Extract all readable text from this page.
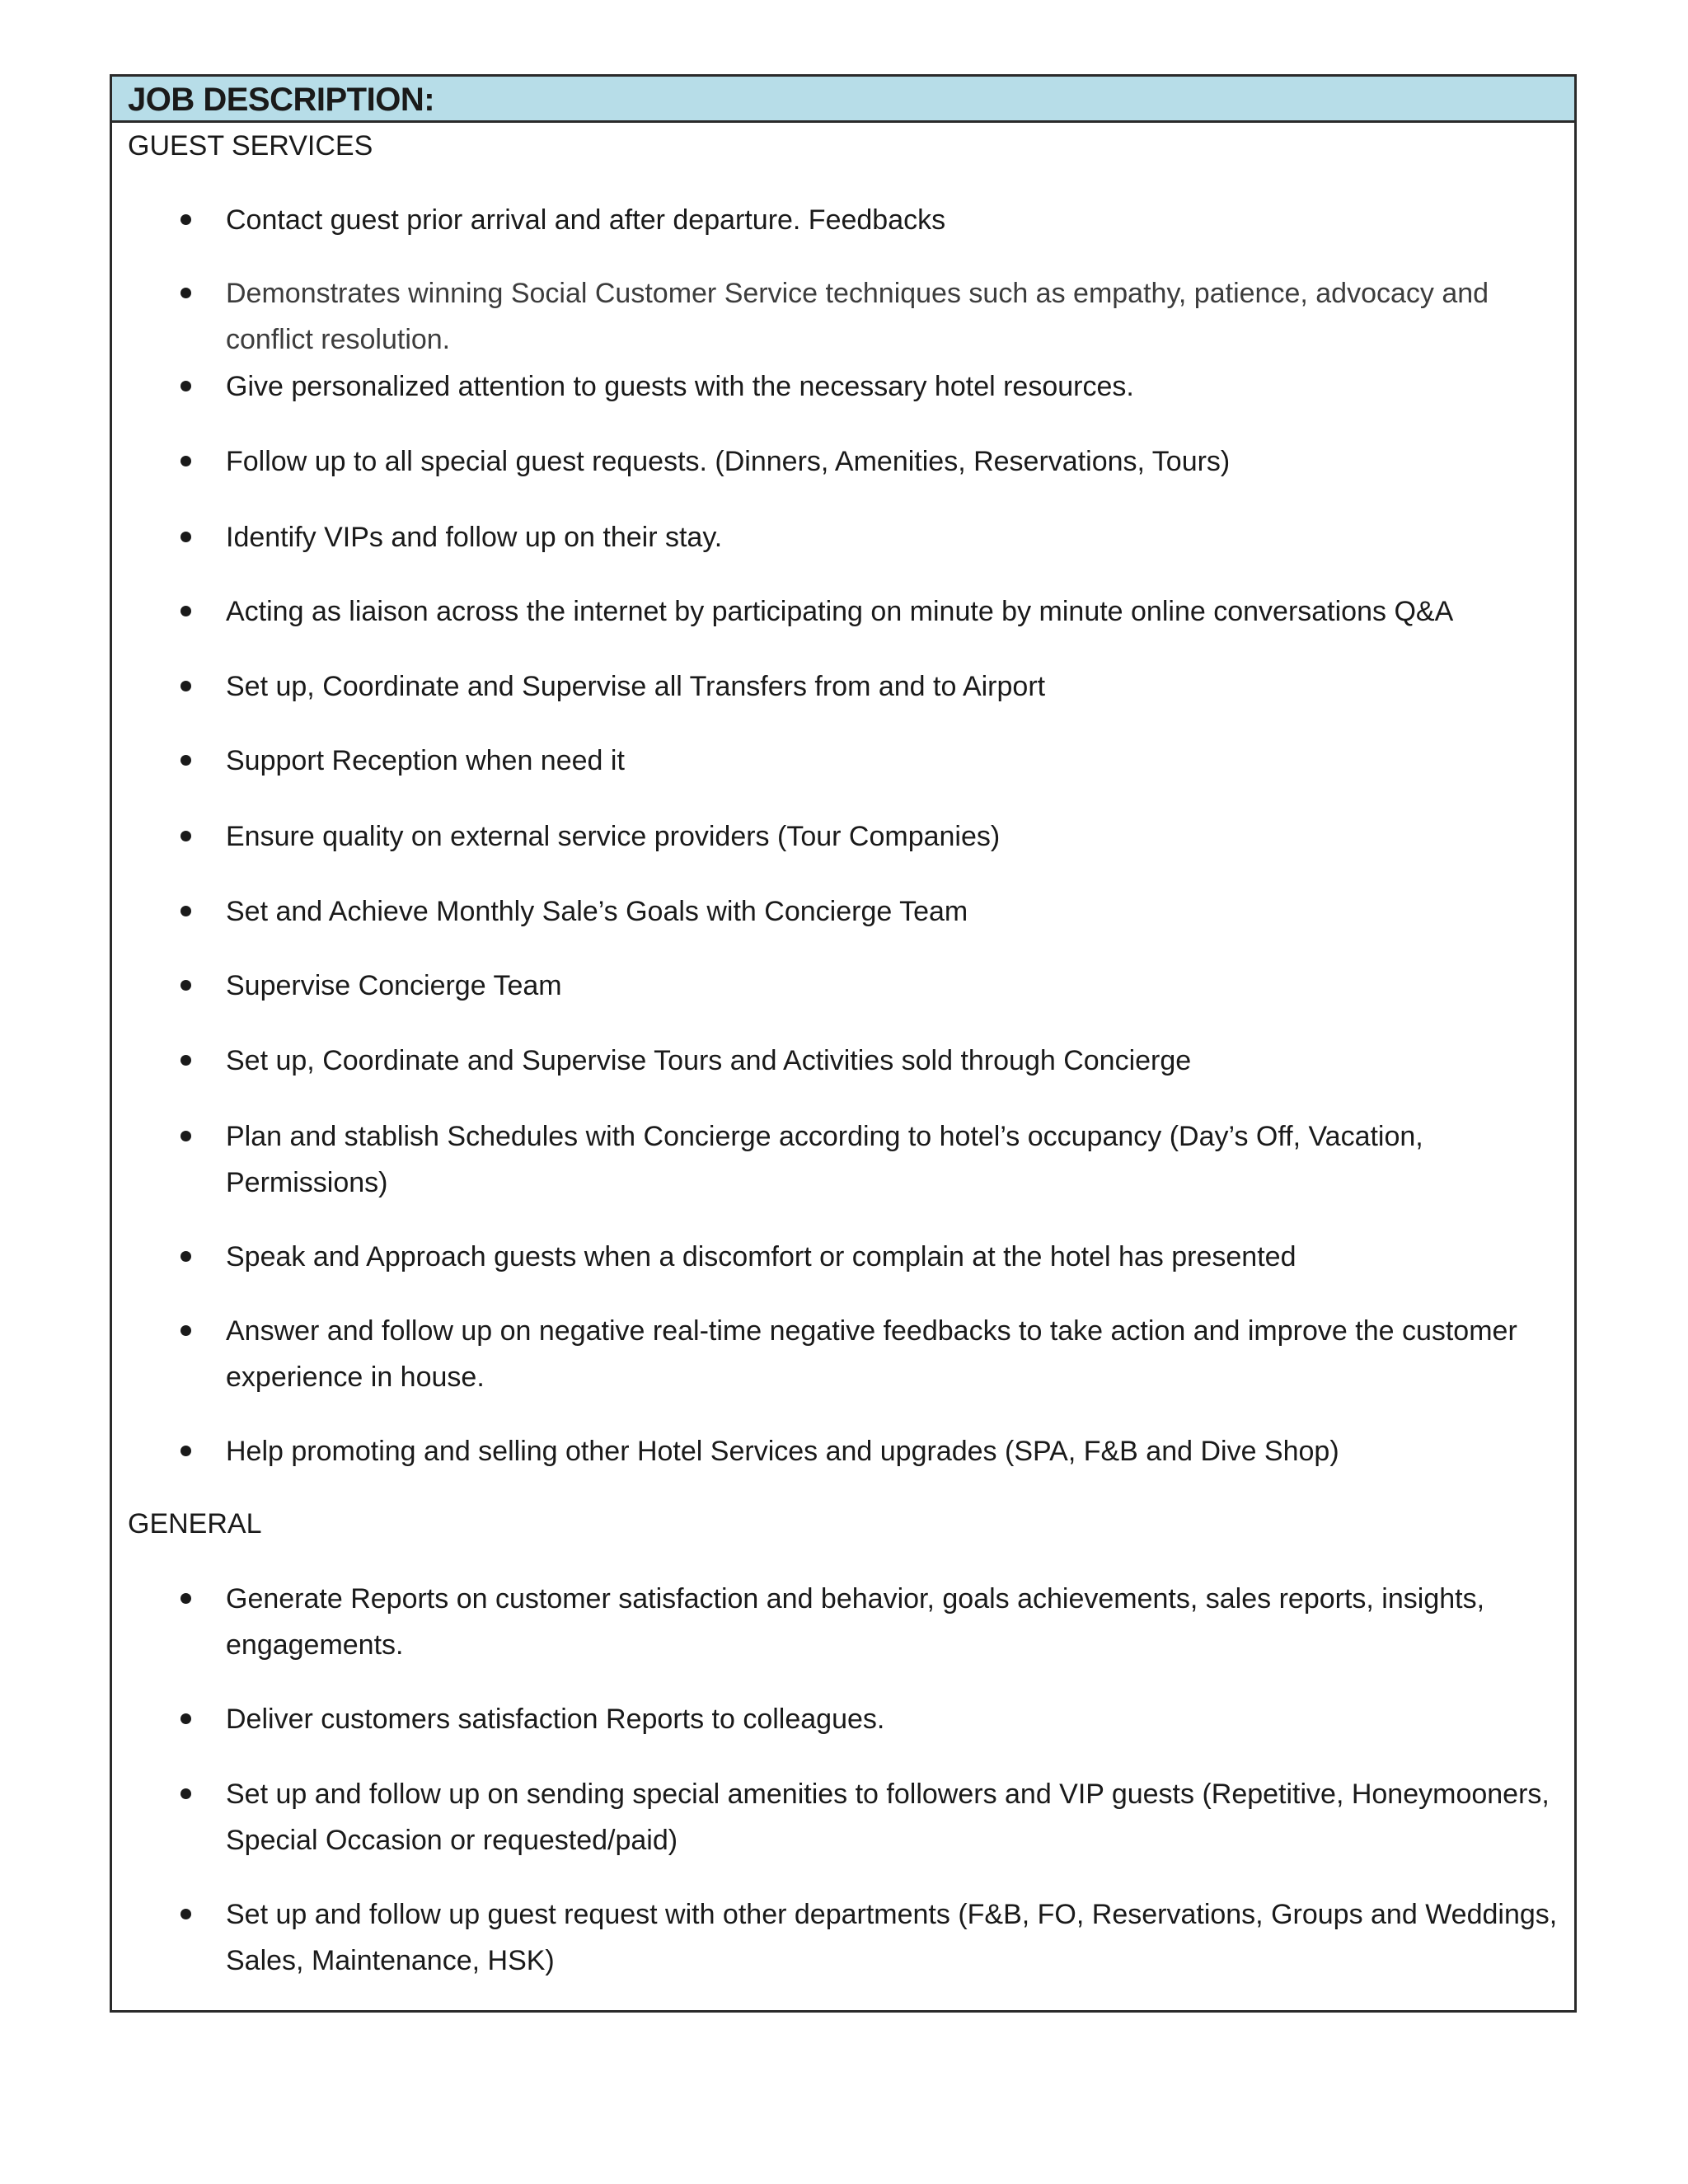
JOB DESCRIPTION:
GUEST SERVICES
Contact guest prior arrival and after departure. Feedbacks
Demonstrates winning Social Customer Service techniques such as empathy, patience, advocacy and conflict resolution.
Give personalized attention to guests with the necessary hotel resources.
Follow up to all special guest requests. (Dinners, Amenities, Reservations, Tours)
Identify VIPs and follow up on their stay.
Acting as liaison across the internet by participating on minute by minute online conversations Q&A
Set up, Coordinate and Supervise all Transfers from and to Airport
Support Reception when need it
Ensure quality on external service providers (Tour Companies)
Set and Achieve Monthly Sale’s Goals with Concierge Team
Supervise Concierge Team
Set up, Coordinate and Supervise Tours and Activities sold through Concierge
Plan and stablish Schedules with Concierge according to hotel’s occupancy (Day’s Off, Vacation, Permissions)
Speak and Approach guests when a discomfort or complain at the hotel has presented
Answer and follow up on negative real-time negative feedbacks to take action and improve the customer experience in house.
Help promoting and selling other Hotel Services and upgrades (SPA, F&B and Dive Shop)
GENERAL
Generate Reports on customer satisfaction and behavior, goals achievements, sales reports, insights, engagements.
Deliver customers satisfaction Reports to colleagues.
Set up and follow up on sending special amenities to followers and VIP guests (Repetitive, Honeymooners, Special Occasion or requested/paid)
Set up and follow up guest request with other departments (F&B, FO, Reservations, Groups and Weddings, Sales, Maintenance, HSK)
